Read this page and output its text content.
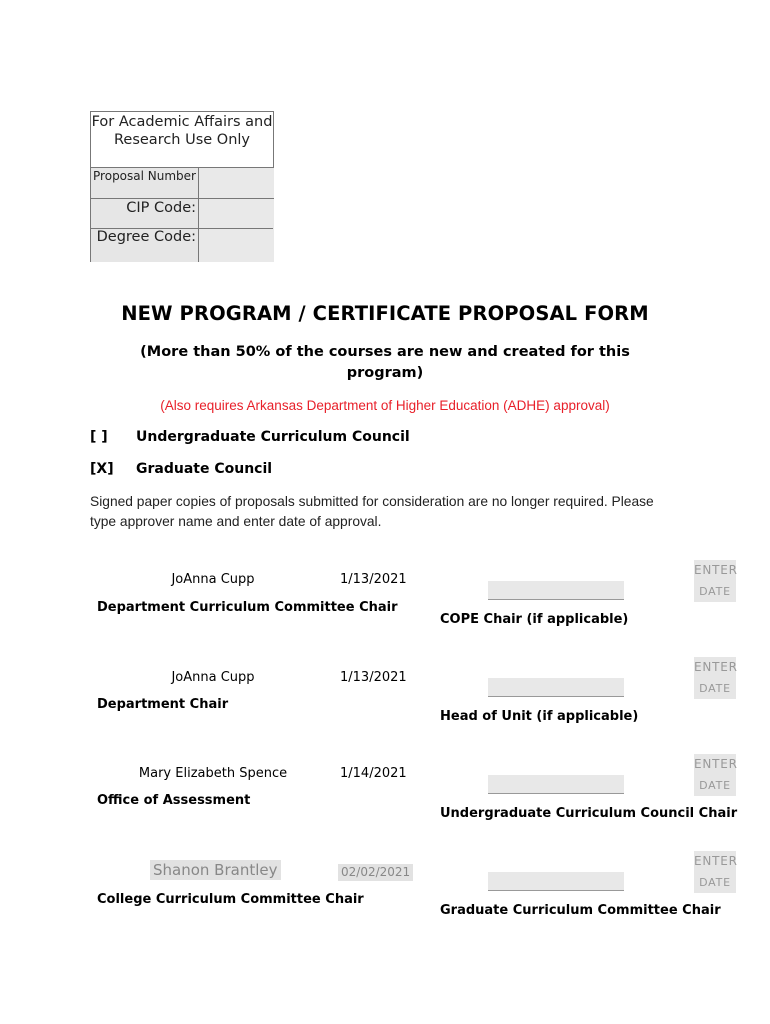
For Academic Affairs and Research Use Only
Proposal Number
CIP Code:
Degree Code:
NEW PROGRAM / CERTIFICATE PROPOSAL FORM
(More than 50% of the courses are new and created for this program)
(Also requires Arkansas Department of Higher Education (ADHE) approval)
[ ] Undergraduate Curriculum Council
[X] Graduate Council
Signed paper copies of proposals submitted for consideration are no longer required. Please type approver name and enter date of approval.
JoAnna Cupp	1/13/2021
Department Curriculum Committee Chair
JoAnna Cupp	1/13/2021
Department Chair
Mary Elizabeth Spence	1/14/2021
Office of Assessment
Shanon Brantley	02/02/2021
College Curriculum Committee Chair
ENTER
DATE
COPE Chair (if applicable)
ENTER
DATE
Head of Unit (if applicable)
ENTER
DATE
Undergraduate Curriculum Council Chair
ENTER
DATE
Graduate Curriculum Committee Chair
